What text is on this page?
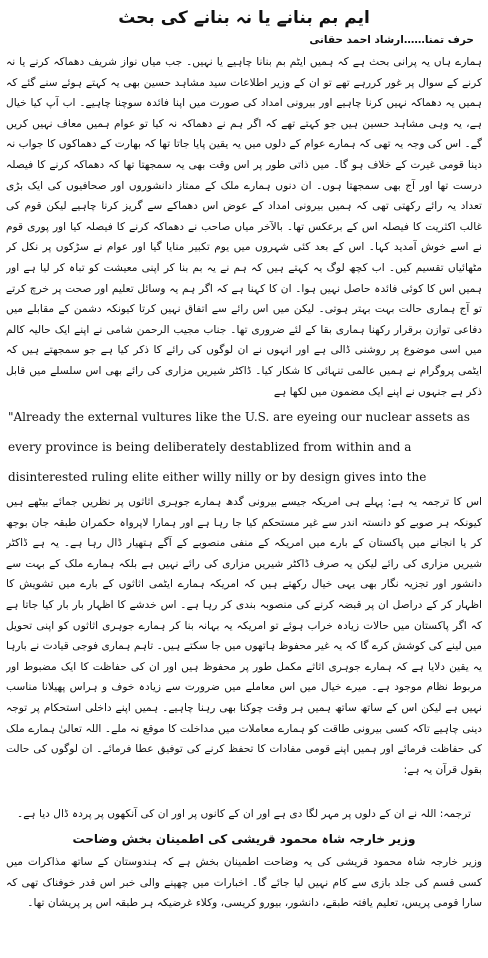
ایم بم بنانے یا نہ بنانے کی بحث
حرف تمنا……ارشاد احمد حقانی

ہمارے ہاں یہ پرانی بحث ہے کہ ہمیں ایٹم بم بنانا چاہیے یا نہیں۔ جب میاں نواز شریف دھماکہ کرنے یا نہ کرنے کے سوال پر غور کررہے تھے تو ان کے وزیر اطلاعات سید مشاہد حسین بھی یہ کہتے ہوئے سنے گئے کہ ہمیں یہ دھماکہ نہیں کرنا چاہیے اور بیرونی امداد کی صورت میں اپنا فائدہ سوچنا چاہیے۔ اب آپ کیا خیال ہے، یہ وہی مشاہد حسین ہیں جو کہتے تھے کہ اگر ہم نے دھماکہ نہ کیا تو عوام ہمیں معاف نہیں کریں گے۔ اس کی وجہ یہ تھی کہ ہمارے عوام کے دلوں میں یہ یقین پایا جاتا تھا کہ بھارت کے دھماکوں کا جواب نہ دینا قومی غیرت کے خلاف ہو گا۔ میں ذاتی طور پر اس وقت بھی یہ سمجھتا تھا کہ دھماکہ کرنے کا فیصلہ درست تھا اور آج بھی سمجھتا ہوں۔ ان دنوں ہمارے ملک کے ممتاز دانشوروں اور صحافیوں کی ایک بڑی تعداد یہ رائے رکھتی تھی کہ ہمیں بیرونی امداد کے عوض اس دھماکے سے گریز کرنا چاہیے لیکن قوم کی غالب اکثریت کا فیصلہ اس کے برعکس تھا۔ بالآخر میاں صاحب نے دھماکہ کرنے کا فیصلہ کیا اور پوری قوم نے اسے خوش آمدید کہا۔ اس کے بعد کئی شہروں میں یوم تکبیر منایا گیا اور عوام نے سڑکوں پر نکل کر مٹھائیاں تقسیم کیں۔ اب کچھ لوگ یہ کہتے ہیں کہ ہم نے یہ بم بنا کر اپنی معیشت کو تباہ کر لیا ہے اور ہمیں اس کا کوئی فائدہ حاصل نہیں ہوا۔ ان کا کہنا ہے کہ اگر ہم یہ وسائل تعلیم اور صحت پر خرچ کرتے تو آج ہماری حالت بہت بہتر ہوتی۔ لیکن میں اس رائے سے اتفاق نہیں کرتا کیونکہ دشمن کے مقابلے میں دفاعی توازن برقرار رکھنا ہماری بقا کے لئے ضروری تھا۔ جناب مجیب الرحمن شامی نے اپنے ایک حالیہ کالم میں اسی موضوع پر روشنی ڈالی ہے اور انہوں نے ان لوگوں کی رائے کا ذکر کیا ہے جو سمجھتے ہیں کہ ایٹمی پروگرام نے ہمیں عالمی تنہائی کا شکار کیا۔ ڈاکٹر شیریں مزاری کی رائے بھی اس سلسلے میں قابل ذکر ہے جنہوں نے اپنے ایک مضمون میں لکھا ہے

"Already the external vultures like the U.S. are eyeing our nuclear assets as every province is being deliberately destablized from within and a disinterested ruling elite either willy nilly or by design gives into the

اس کا ترجمہ یہ ہے: پہلے ہی امریکہ جیسے بیرونی گدھ ہمارے جوہری اثاثوں پر نظریں جمائے بیٹھے ہیں کیونکہ ہر صوبے کو دانستہ اندر سے غیر مستحکم کیا جا رہا ہے اور ہمارا لاپرواہ حکمران طبقہ جان بوجھ کر یا انجانے میں پاکستان کے بارے میں امریکہ کے منفی منصوبے کے آگے ہتھیار ڈال رہا ہے۔ یہ ہے ڈاکٹر شیریں مزاری کی رائے لیکن یہ صرف ڈاکٹر شیریں مزاری کی رائے نہیں ہے بلکہ ہمارے ملک کے بہت سے دانشور اور تجزیہ نگار بھی یہی خیال رکھتے ہیں کہ امریکہ ہمارے ایٹمی اثاثوں کے بارے میں تشویش کا اظہار کر کے دراصل ان پر قبضہ کرنے کی منصوبہ بندی کر رہا ہے۔ اس خدشے کا اظہار بار بار کیا جاتا ہے کہ اگر پاکستان میں حالات زیادہ خراب ہوئے تو امریکہ یہ بہانہ بنا کر ہمارے جوہری اثاثوں کو اپنی تحویل میں لینے کی کوشش کرے گا کہ یہ غیر محفوظ ہاتھوں میں جا سکتے ہیں۔ تاہم ہماری فوجی قیادت نے بارہا یہ یقین دلایا ہے کہ ہمارے جوہری اثاثے مکمل طور پر محفوظ ہیں اور ان کی حفاظت کا ایک مضبوط اور مربوط نظام موجود ہے۔ میرے خیال میں اس معاملے میں ضرورت سے زیادہ خوف و ہراس پھیلانا مناسب نہیں ہے لیکن اس کے ساتھ ساتھ ہمیں ہر وقت چوکنا بھی رہنا چاہیے۔ ہمیں اپنے داخلی استحکام پر توجہ دینی چاہیے تاکہ کسی بیرونی طاقت کو ہمارے معاملات میں مداخلت کا موقع نہ ملے۔ اللہ تعالیٰ ہمارے ملک کی حفاظت فرمائے اور ہمیں اپنے قومی مفادات کا تحفظ کرنے کی توفیق عطا فرمائے۔ ان لوگوں کی حالت بقول قرآن یہ ہے:

ترجمہ: اللہ نے ان کے دلوں پر مہر لگا دی ہے اور ان کے کانوں پر اور ان کی آنکھوں پر پردہ ڈال دیا ہے۔

وزیر خارجہ شاہ محمود قریشی کی اطمینان بخش وضاحت

وزیر خارجہ شاہ محمود قریشی کی یہ وضاحت اطمینان بخش ہے کہ ہندوستان کے ساتھ مذاکرات میں کسی قسم کی جلد بازی سے کام نہیں لیا جائے گا۔ اخبارات میں چھپنے والی خبر اس قدر خوفناک تھی کہ سارا قومی پریس، تعلیم یافتہ طبقے، دانشور، بیورو کریسی، وکلاء غرضیکہ ہر طبقہ اس پر پریشان تھا۔
